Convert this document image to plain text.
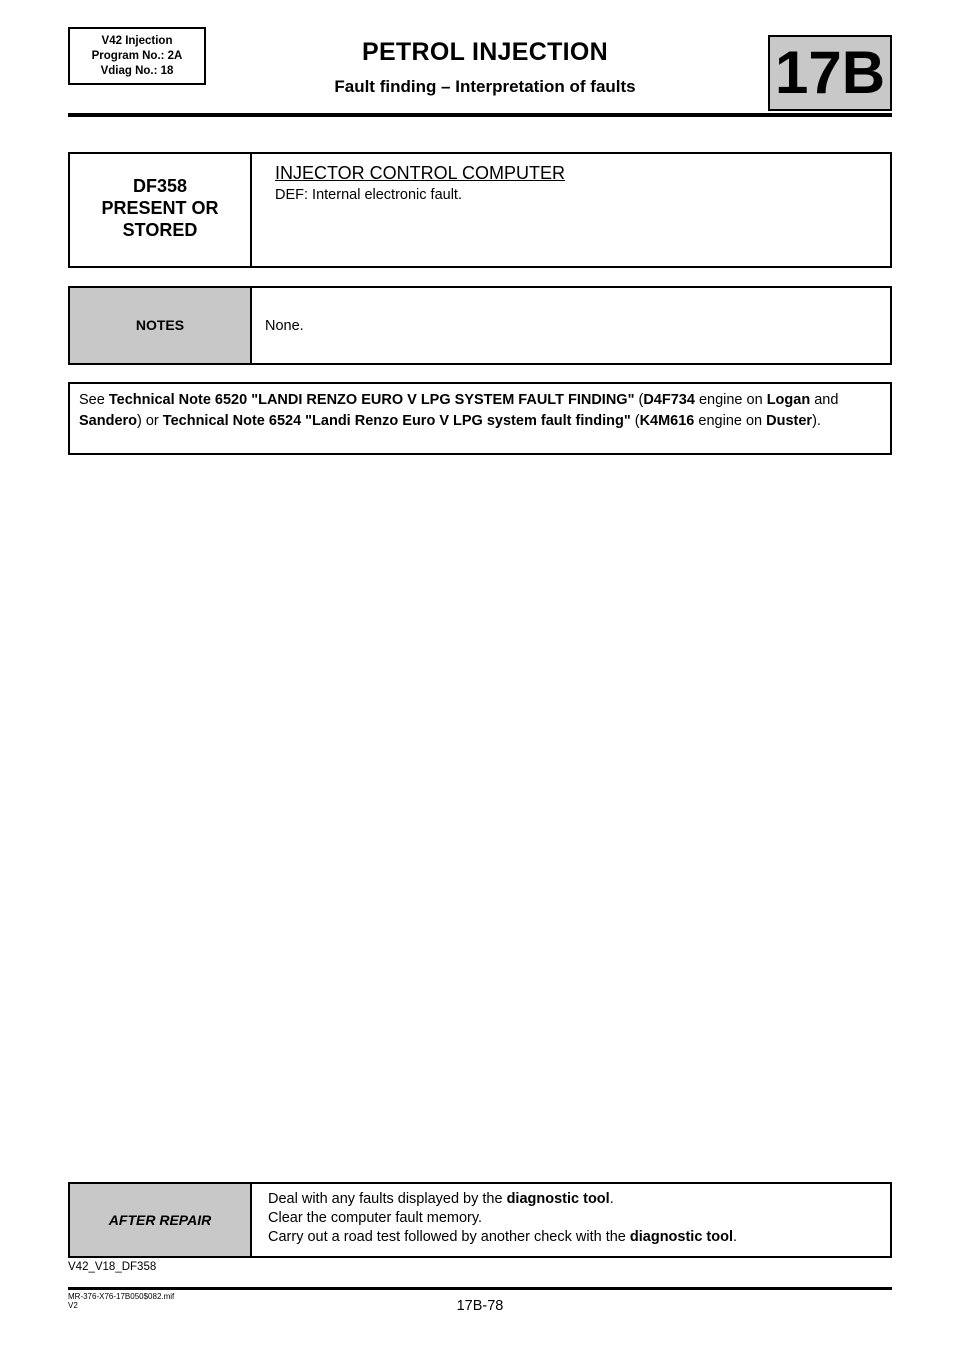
V42 Injection
Program No.: 2A
Vdiag No.: 18
PETROL INJECTION
Fault finding – Interpretation of faults	17B
DF358
PRESENT OR
STORED
INJECTOR CONTROL COMPUTER
DEF: Internal electronic fault.
NOTES	None.
See Technical Note 6520 "LANDI RENZO EURO V LPG SYSTEM FAULT FINDING" (D4F734 engine on Logan and Sandero) or Technical Note 6524 "Landi Renzo Euro V LPG system fault finding" (K4M616 engine on Duster).
AFTER REPAIR
Deal with any faults displayed by the diagnostic tool.
Clear the computer fault memory.
Carry out a road test followed by another check with the diagnostic tool.
V42_V18_DF358
MR-376-X76-17B050$082.mif
V2	17B-78
